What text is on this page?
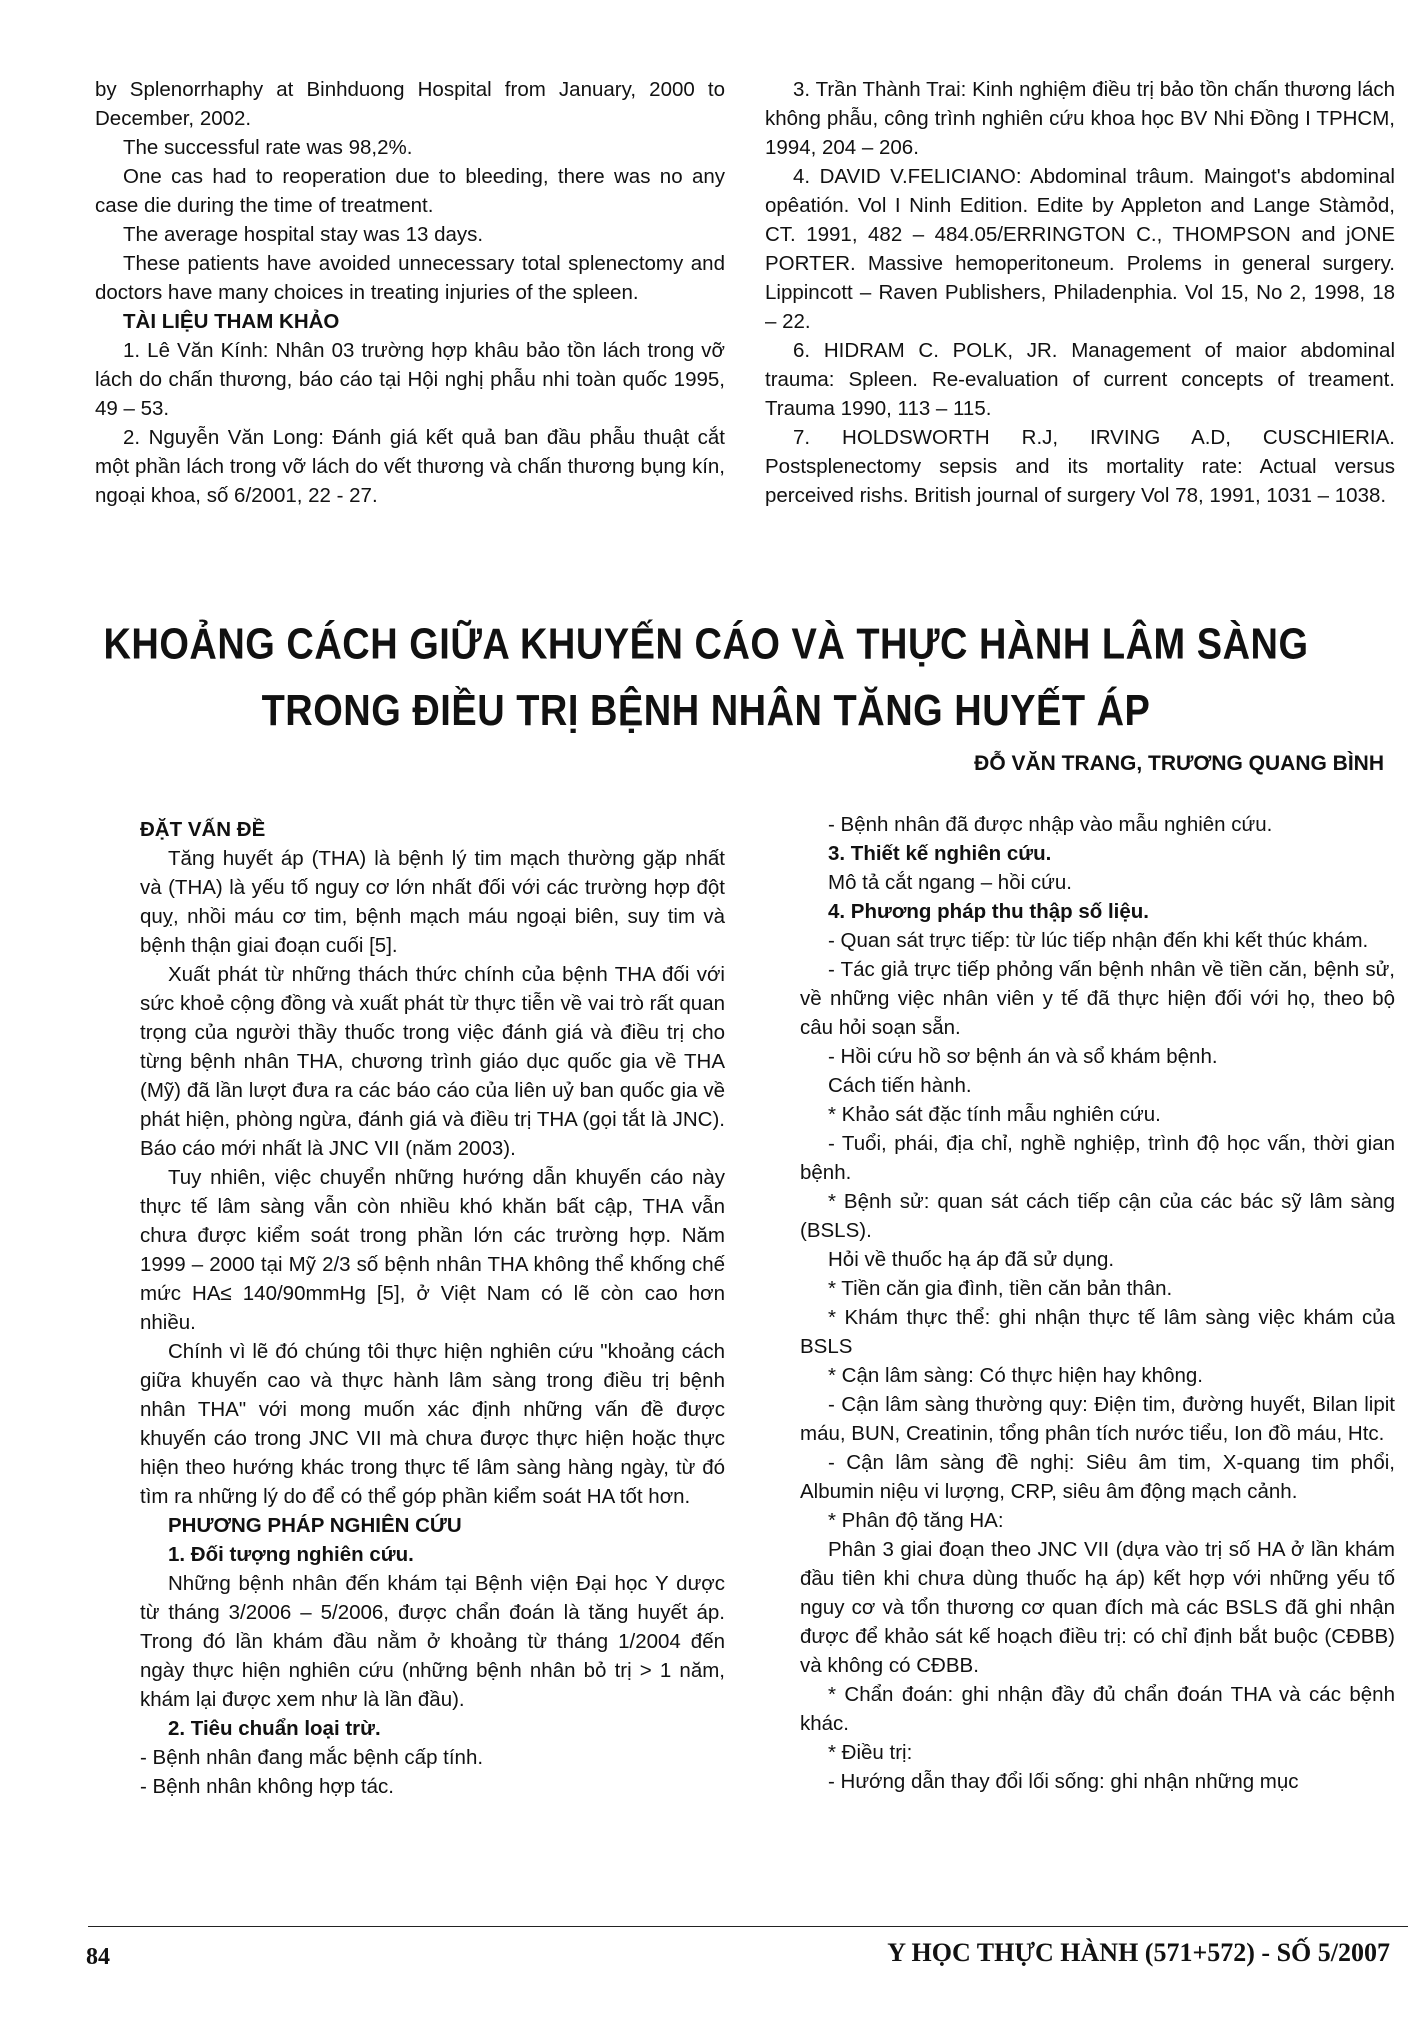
by Splenorrhaphy at Binhduong Hospital from January, 2000 to December, 2002.

The successful rate was 98,2%.

One cas had to reoperation due to bleeding, there was no any case die during the time of treatment.

The average hospital stay was 13 days.

These patients have avoided unnecessary total splenectomy and doctors have many choices in treating injuries of the spleen.

TÀI LIỆU THAM KHẢO

1. Lê Văn Kính: Nhân 03 trường hợp khâu bảo tồn lách trong vỡ lách do chấn thương, báo cáo tại Hội nghị phẫu nhi toàn quốc 1995, 49 – 53.

2. Nguyễn Văn Long: Đánh giá kết quả ban đầu phẫu thuật cắt một phần lách trong vỡ lách do vết thương và chấn thương bụng kín, ngoại khoa, số 6/2001, 22 - 27.

3. Trần Thành Trai: Kinh nghiệm điều trị bảo tồn chấn thương lách không phẫu, công trình nghiên cứu khoa học BV Nhi Đồng I TPHCM, 1994, 204 – 206.

4. DAVID V.FELICIANO: Abdominal trâum. Maingot's abdominal opêatión. Vol I Ninh Edition. Edite by Appleton and Lange Stàmỏd, CT. 1991, 482 – 484.05/ERRINGTON C., THOMPSON and jONE PORTER. Massive hemoperitoneum. Prolems in general surgery. Lippincott – Raven Publishers, Philadenphia. Vol 15, No 2, 1998, 18 – 22.

6. HIDRAM C. POLK, JR. Management of maior abdominal trauma: Spleen. Re-evaluation of current concepts of treament. Trauma 1990, 113 – 115.

7. HOLDSWORTH R.J, IRVING A.D, CUSCHIERIA. Postsplenectomy sepsis and its mortality rate: Actual versus perceived rishs. British journal of surgery Vol 78, 1991, 1031 – 1038.

KHOẢNG CÁCH GIỮA KHUYẾN CÁO VÀ THỰC HÀNH LÂM SÀNG
TRONG ĐIỀU TRỊ BỆNH NHÂN TĂNG HUYẾT ÁP
ĐỖ VĂN TRANG, TRƯƠNG QUANG BÌNH

ĐẶT VẤN ĐỀ

Tăng huyết áp (THA) là bệnh lý tim mạch thường gặp nhất và (THA) là yếu tố nguy cơ lớn nhất đối với các trường hợp đột quỵ, nhồi máu cơ tim, bệnh mạch máu ngoại biên, suy tim và bệnh thận giai đoạn cuối [5].

Xuất phát từ những thách thức chính của bệnh THA đối với sức khoẻ cộng đồng và xuất phát từ thực tiễn về vai trò rất quan trọng của người thầy thuốc trong việc đánh giá và điều trị cho từng bệnh nhân THA, chương trình giáo dục quốc gia về THA (Mỹ) đã lần lượt đưa ra các báo cáo của liên uỷ ban quốc gia về phát hiện, phòng ngừa, đánh giá và điều trị THA (gọi tắt là JNC). Báo cáo mới nhất là JNC VII (năm 2003).

Tuy nhiên, việc chuyển những hướng dẫn khuyến cáo này thực tế lâm sàng vẫn còn nhiều khó khăn bất cập, THA vẫn chưa được kiểm soát trong phần lớn các trường hợp. Năm 1999 – 2000 tại Mỹ 2/3 số bệnh nhân THA không thể khống chế mức HA≤ 140/90mmHg [5], ở Việt Nam có lẽ còn cao hơn nhiều.

Chính vì lẽ đó chúng tôi thực hiện nghiên cứu "khoảng cách giữa khuyến cao và thực hành lâm sàng trong điều trị bệnh nhân THA" với mong muốn xác định những vấn đề được khuyến cáo trong JNC VII mà chưa được thực hiện hoặc thực hiện theo hướng khác trong thực tế lâm sàng hàng ngày, từ đó tìm ra những lý do để có thể góp phần kiểm soát HA tốt hơn.

PHƯƠNG PHÁP NGHIÊN CỨU

1. Đối tượng nghiên cứu.

Những bệnh nhân đến khám tại Bệnh viện Đại học Y dược từ tháng 3/2006 – 5/2006, được chẩn đoán là tăng huyết áp. Trong đó lần khám đầu nằm ở khoảng từ tháng 1/2004 đến ngày thực hiện nghiên cứu (những bệnh nhân bỏ trị > 1 năm, khám lại được xem như là lần đầu).

2. Tiêu chuẩn loại trừ.

- Bệnh nhân đang mắc bệnh cấp tính.

- Bệnh nhân không hợp tác.

- Bệnh nhân đã được nhập vào mẫu nghiên cứu.

3. Thiết kế nghiên cứu.

Mô tả cắt ngang – hồi cứu.

4. Phương pháp thu thập số liệu.

- Quan sát trực tiếp: từ lúc tiếp nhận đến khi kết thúc khám.

- Tác giả trực tiếp phỏng vấn bệnh nhân về tiền căn, bệnh sử, về những việc nhân viên y tế đã thực hiện đối với họ, theo bộ câu hỏi soạn sẵn.

- Hồi cứu hồ sơ bệnh án và sổ khám bệnh.

Cách tiến hành.

* Khảo sát đặc tính mẫu nghiên cứu.

- Tuổi, phái, địa chỉ, nghề nghiệp, trình độ học vấn, thời gian bệnh.

* Bệnh sử: quan sát cách tiếp cận của các bác sỹ lâm sàng (BSLS).

Hỏi về thuốc hạ áp đã sử dụng.

* Tiền căn gia đình, tiền căn bản thân.

* Khám thực thể: ghi nhận thực tế lâm sàng việc khám của BSLS

* Cận lâm sàng: Có thực hiện hay không.

- Cận lâm sàng thường quy: Điện tim, đường huyết, Bilan lipit máu, BUN, Creatinin, tổng phân tích nước tiểu, Ion đồ máu, Htc.

- Cận lâm sàng đề nghị: Siêu âm tim, X-quang tim phổi, Albumin niệu vi lượng, CRP, siêu âm động mạch cảnh.

* Phân độ tăng HA:

Phân 3 giai đoạn theo JNC VII (dựa vào trị số HA ở lần khám đầu tiên khi chưa dùng thuốc hạ áp) kết hợp với những yếu tố nguy cơ và tổn thương cơ quan đích mà các BSLS đã ghi nhận được để khảo sát kế hoạch điều trị: có chỉ định bắt buộc (CĐBB) và không có CĐBB.

* Chẩn đoán: ghi nhận đầy đủ chẩn đoán THA và các bệnh khác.

* Điều trị:

- Hướng dẫn thay đổi lối sống: ghi nhận những mục

84	Y HỌC THỰC HÀNH (571+572) - SỐ 5/2007
